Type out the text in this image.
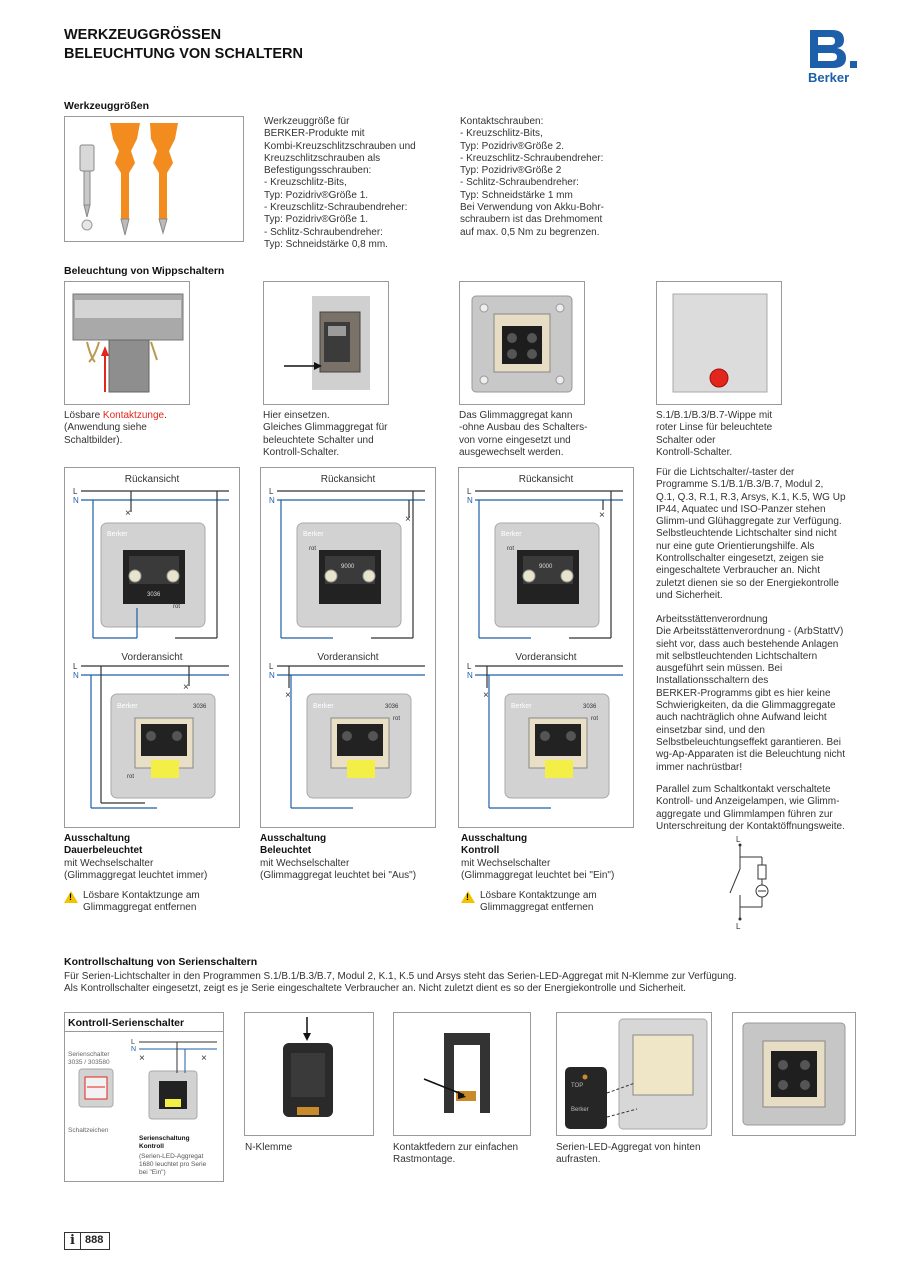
WERKZEUGGRÖSSEN
BELEUCHTUNG VON SCHALTERN
Berker
Werkzeuggrößen
Werkzeuggröße für
BERKER-Produkte mit
Kombi-Kreuzschlitzschrauben und
Kreuzschlitzschrauben als
Befestigungsschrauben:
- Kreuzschlitz-Bits,
Typ: Pozidriv®Größe 1.
- Kreuzschlitz-Schraubendreher:
Typ: Pozidriv®Größe 1.
- Schlitz-Schraubendreher:
Typ: Schneidstärke 0,8 mm.
Kontaktschrauben:
- Kreuzschlitz-Bits,
Typ: Pozidriv®Größe 2.
- Kreuzschlitz-Schraubendreher:
Typ: Pozidriv®Größe 2
- Schlitz-Schraubendreher:
Typ: Schneidstärke 1 mm
Bei Verwendung von Akku-Bohr-
schraubern ist das Drehmoment
auf max. 0,5 Nm zu begrenzen.
Beleuchtung von Wippschaltern
Lösbare Kontaktzunge.
(Anwendung siehe
Schaltbilder).
Hier einsetzen.
Gleiches Glimmaggregat für
beleuchtete Schalter und
Kontroll-Schalter.
Das Glimmaggregat kann
-ohne Ausbau des Schalters-
von vorne eingesetzt und
ausgewechselt werden.
S.1/B.1/B.3/B.7-Wippe mit
roter Linse für beleuchtete
Schalter oder
Kontroll-Schalter.
Rückansicht
L
N
Berker
3036
rot
×
Vorderansicht
L
N
Berker	3036
rot
×
Rückansicht
L
N
Berker
9000
rot
×
Vorderansicht
L
N
Berker	3036
rot
×
Rückansicht
L
N
Berker
9000
rot
×
Vorderansicht
L
N
Berker	3036
rot
×
Ausschaltung
Dauerbeleuchtet
mit Wechselschalter
(Glimmaggregat leuchtet immer)
!
Lösbare Kontaktzunge am
Glimmaggregat entfernen
Ausschaltung
Beleuchtet
mit Wechselschalter
(Glimmaggregat leuchtet bei "Aus")
Ausschaltung
Kontroll
mit Wechselschalter
(Glimmaggregat leuchtet bei "Ein")
!
Lösbare Kontaktzunge am
Glimmaggregat entfernen
Für die Lichtschalter/-taster der
Programme S.1/B.1/B.3/B.7, Modul 2,
Q.1, Q.3, R.1, R.3, Arsys, K.1, K.5, WG Up
IP44, Aquatec und ISO-Panzer stehen
Glimm-und Glühaggregate zur Verfügung.
Selbstleuchtende Lichtschalter sind nicht
nur eine gute Orientierungshilfe. Als
Kontrollschalter eingesetzt, zeigen sie
eingeschaltete Verbraucher an. Nicht
zuletzt dienen sie so der Energiekontrolle
und Sicherheit.
Arbeitsstättenverordnung
Die Arbeitsstättenverordnung - (ArbStattV)
sieht vor, dass auch bestehende Anlagen
mit selbstleuchtenden Lichtschaltern
ausgeführt sein müssen. Bei
Installationsschaltern des
BERKER-Programms gibt es hier keine
Schwierigkeiten, da die Glimmaggregate
auch nachträglich ohne Aufwand leicht
einsetzbar sind, und den
Selbstbeleuchtungseffekt garantieren. Bei
wg-Ap-Apparaten ist die Beleuchtung nicht
immer nachrüstbar!
Parallel zum Schaltkontakt verschaltete
Kontroll- und Anzeigelampen, wie Glimm-
aggregate und Glimmlampen führen zur
Unterschreitung der Kontaktöffnungsweite.
L
L
Kontrollschaltung von Serienschaltern
Für Serien-Lichtschalter in den Programmen S.1/B.1/B.3/B.7, Modul 2, K.1, K.5 und Arsys steht das Serien-LED-Aggregat mit N-Klemme zur Verfügung.
Als Kontrollschalter eingesetzt, zeigt es je Serie eingeschaltete Verbraucher an. Nicht zuletzt dient es so der Energiekontrolle und Sicherheit.
Kontroll-Serienschalter
Serienschalter
3035 / 303580
Schaltzeichen
Serienschaltung
Kontroll
(Serien-LED-Aggregat
1680 leuchtet pro Serie
bei "Ein")
L
N
×	×
TOP
Berker
N-Klemme	Kontaktfedern zur einfachen
Rastmontage.
Serien-LED-Aggregat von hinten
aufrasten.
i 888
